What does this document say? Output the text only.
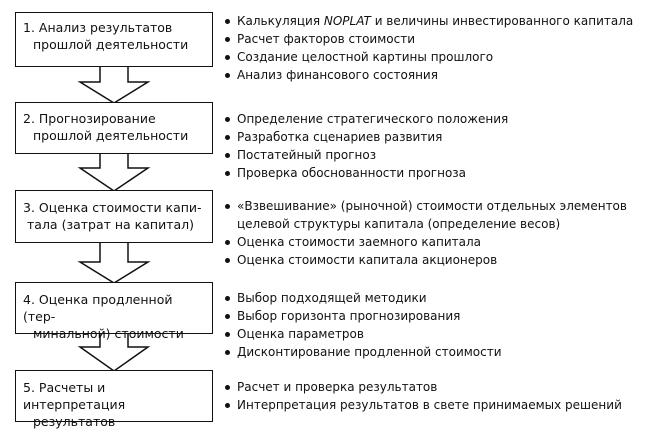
1. Анализ результатов
прошлой деятельности
Калькуляция NOPLAT и величины инвестированного капитала
Расчет факторов стоимости
Создание целостной картины прошлого
Анализ финансового состояния
2. Прогнозирование
прошлой деятельности
Определение стратегического положения
Разработка сценариев развития
Постатейный прогноз
Проверка обоснованности прогноза
3. Оценка стоимости капи-
тала (затрат на капитал)
«Взвешивание» (рыночной) стоимости отдельных элементов
целевой структуры капитала (определение весов)
Оценка стоимости заемного капитала
Оценка стоимости капитала акционеров
4. Оценка продленной (тер-
минальной) стоимости
Выбор подходящей методики
Выбор горизонта прогнозирования
Оценка параметров
Дисконтирование продленной стоимости
5. Расчеты и интерпретация
результатов
Расчет и проверка результатов
Интерпретация результатов в свете принимаемых решений
